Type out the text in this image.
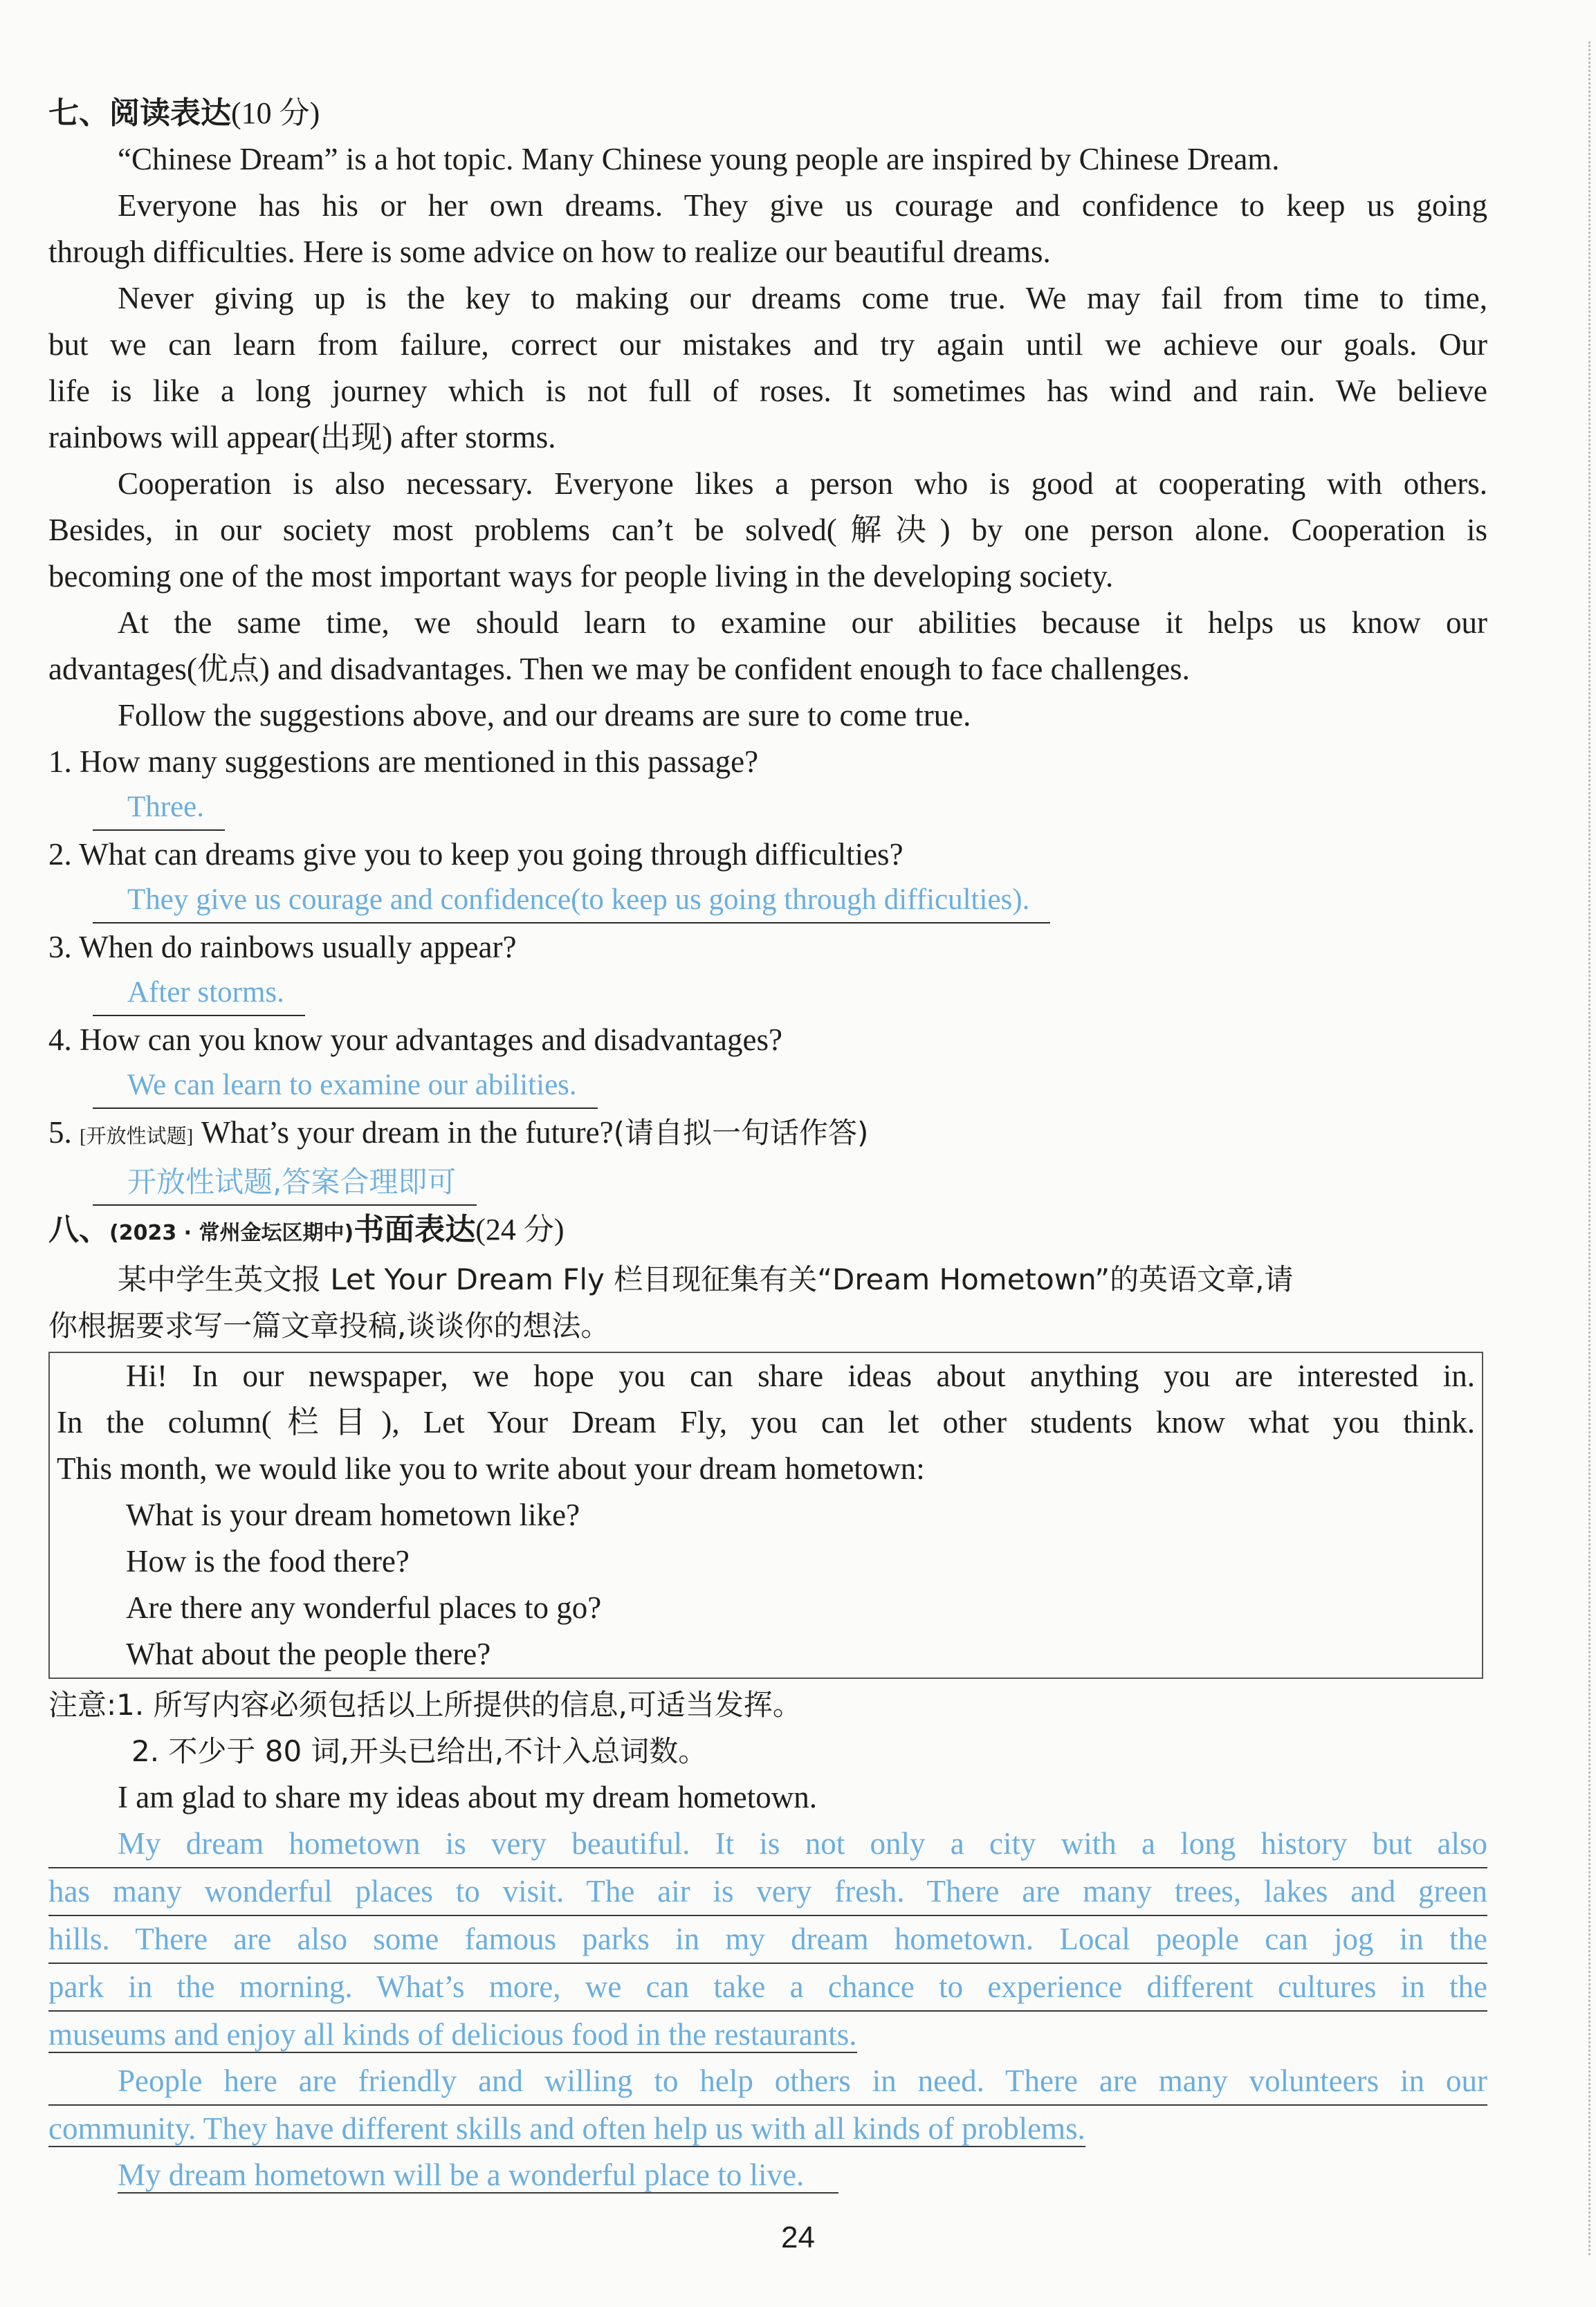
七、阅读表达(10 分)
“Chinese Dream” is a hot topic. Many Chinese young people are inspired by Chinese Dream.
Everyone has his or her own dreams. They give us courage and confidence to keep us going
through difficulties. Here is some advice on how to realize our beautiful dreams.
Never giving up is the key to making our dreams come true. We may fail from time to time,
but we can learn from failure, correct our mistakes and try again until we achieve our goals. Our
life is like a long journey which is not full of roses. It sometimes has wind and rain. We believe
rainbows will appear(出现) after storms.
Cooperation is also necessary. Everyone likes a person who is good at cooperating with others.
Besides, in our society most problems can’t be solved(解决) by one person alone. Cooperation is
becoming one of the most important ways for people living in the developing society.
At the same time, we should learn to examine our abilities because it helps us know our
advantages(优点) and disadvantages. Then we may be confident enough to face challenges.
Follow the suggestions above, and our dreams are sure to come true.
1. How many suggestions are mentioned in this passage?
Three.
2. What can dreams give you to keep you going through difficulties?
They give us courage and confidence(to keep us going through difficulties).
3. When do rainbows usually appear?
After storms.
4. How can you know your advantages and disadvantages?
We can learn to examine our abilities.
5. [开放性试题] What’s your dream in the future?(请自拟一句话作答)
开放性试题,答案合理即可
八、(2023 · 常州金坛区期中)书面表达(24 分)
某中学生英文报 Let Your Dream Fly 栏目现征集有关“Dream Hometown”的英语文章,请
你根据要求写一篇文章投稿,谈谈你的想法。
Hi! In our newspaper, we hope you can share ideas about anything you are interested in.
In the column(栏目), Let Your Dream Fly, you can let other students know what you think.
This month, we would like you to write about your dream hometown:
What is your dream hometown like?
How is the food there?
Are there any wonderful places to go?
What about the people there?
注意:1. 所写内容必须包括以上所提供的信息,可适当发挥。
2. 不少于 80 词,开头已给出,不计入总词数。
I am glad to share my ideas about my dream hometown.
My dream hometown is very beautiful. It is not only a city with a long history but also
has many wonderful places to visit. The air is very fresh. There are many trees, lakes and green
hills. There are also some famous parks in my dream hometown. Local people can jog in the
park in the morning. What’s more, we can take a chance to experience different cultures in the
museums and enjoy all kinds of delicious food in the restaurants.
People here are friendly and willing to help others in need. There are many volunteers in our
community. They have different skills and often help us with all kinds of problems.
My dream hometown will be a wonderful place to live.
24
